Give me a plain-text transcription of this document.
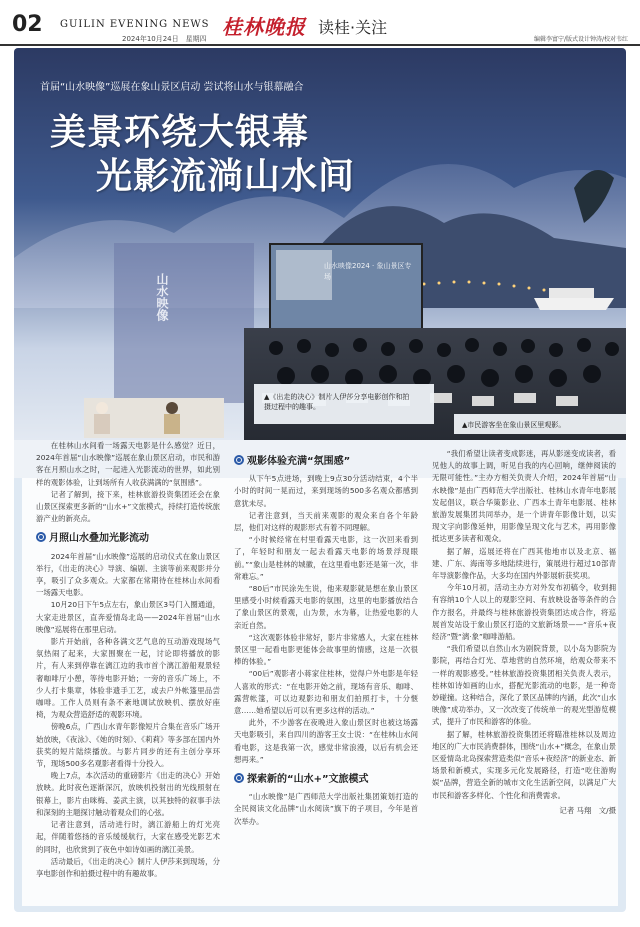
02 GUILIN EVENING NEWS
2024年10月24日　星期四 桂林晚报 读桂·关注
编辑李富宁/版式设计钟涛/校对韦红
首届“山水映像”巡展在象山景区启动 尝试将山水与银幕融合
美景环绕大银幕
光影流淌山水间
山水映像
山水映像2024 · 象山景区专场
▲《出走的决心》制片人伊莎分享电影创作和拍摄过程中的趣事。
▲市民游客坐在象山景区里观影。

在桂林山水间看一场露天电影是什么感觉？近日，2024年首届“山水映像”巡展在象山景区启动，市民和游客在月照山水之时，一起进入光影流动的世界，如此别样的观影体验，让到场所有人收获满满的“氛围感”。

记者了解到，接下来，桂林旅游投资集团还会在象山景区探索更多新的“山水+”文旅模式，持续打造传统旅游产业的新亮点。

月照山水叠加光影流动

2024年首届“山水映像”巡展的启动仪式在象山景区举行，《出走的决心》导演、编剧、主演等前来观影并分享，吸引了众多观众。大家都在常期待在桂林山水间看一场露天电影。

10月20日下午5点左右，象山景区3号门入圈通道，大家走进景区，直奔爱情岛北岛——2024年首届“山水映像”巡展将在那里启动。

影片开始前，各种各满文艺气息的互动游戏现场气氛热闹了起来，大家围聚在一起，讨论即将播放的影片，有人来到停靠在漓江边的我市首个漓江游船观景轻奢咖啡厅小憩，等待电影开始；一旁的音乐广场上，不少人打卡集章，体验非遗手工艺，或去户外帐篷里品尝咖啡。工作人员则有条不紊地调试放映机、摆放好座椅，为观众营造舒适的观影环境。

傍晚6点，广西山水青年影像短片合集在音乐广场开始放映，《夜泳》、《她的时刻》、《莉莉》等多部在国内外获奖的短片陆续播放。与影片同步的还有主创分享环节，现场500多名观影者看得十分投入。

晚上7点，本次活动的重磅影片《出走的决心》开始放映。此时夜色逐渐深沉，放映机投射出的光线照射在银幕上，影片由咪梅、姜武主演，以其独特的叙事手法和深刻的主题探讨触动着观众们的心弦。

记者注意到，活动进行时，漓江游船上的灯光亮起，伴随着悠扬的音乐缓缓航行，大家在感受光影艺术的同时，也欣赏到了夜色中如诗如画的漓江美景。

活动最后，《出走的决心》制片人伊莎来到现场，分享电影创作和拍摄过程中的有趣故事。

观影体验充满“氛围感”

从下午5点进场，到晚上9点30分活动结束，4个半小时的时间一晃而过，来到现场的500多名观众都感到意犹未尽。

记者注意到，当天前来观影的观众来自各个年龄层，他们对这样的观影形式有着不同理解。

“小时候经常在村里看露天电影，这一次回来看到了，年轻时和朋友一起去看露天电影的场景浮现眼前。”“象山是桂林的城徽，在这里看电影还是第一次，非常难忘。”

“80后”市民涂先生说，他来观影就是想在象山景区里感受小时候看露天电影的氛围，这里的电影播放结合了象山景区的景观，山为景，水为幕，让热爱电影的人亲近自然。

“这次观影体验非常好，影片非常感人，大家在桂林景区里一起看电影更能体会故事里的情感，这是一次很棒的体验。”

“00后”观影者小蒋家住桂林，觉得户外电影是年轻人喜欢的形式：“在电影开始之前，现场有音乐、咖啡、露营帐篷，可以边观影边和朋友们拍照打卡，十分惬意……她希望以后可以有更多这样的活动。”

此外，不少游客在夜晚进入象山景区时也被这场露天电影吸引，来自四川的游客王女士说：“在桂林山水间看电影，这是我第一次，感觉非常浪漫，以后有机会还想再来。”

探索新的“山水+”文旅模式

“山水映像”是广西师范大学出版社集团策划打造的全民阅读文化品牌“山水阅读”旗下的子项目，今年是首次举办。

“我们希望让读者变成影迷，再从影迷变成读者，看见他人的故事上调，听见自我的内心回响，继伸阅读的无限可能性。”主办方相关负责人介绍，2024年首届“山水映像”是由广西师范大学出版社、桂林山水青年电影展发起倡议，联合华策影业、广西本土青年电影展、桂林旅游发展集团共同举办，是一个讲青年影像计划，以实现文字向影像延伸，用影像呈现文化与艺术，再用影像抵达更多读者和观众。

据了解，巡展还将在广西其他地市以及北京、福建、广东、海南等多地陆续进行，策展进行超过10部青年导演影像作品，大多均在国内外影展斩获奖项。

今年10月初，活动主办方对外发布初稿令，收到拥有容纳10个人以上的观影空间、有放映设备等条件的合作方报名，并最终与桂林旅游投资集团达成合作，将巡展首发站设于象山景区打造的文旅新场景——“音乐+夜经济”暨“漓·象”咖啡游船。

“我们希望以自然山水为剧院背景，以小岛为影院为影院，再结合灯光、草地营的自然环境，给观众带来不一样的观影感受。”桂林旅游投资集团相关负责人表示，桂林如诗如画的山水，搭配光影流动的电影，是一种奇妙碰撞。这种结合，深化了景区品牌的内涵，此次“山水映像”成功举办，又一次改变了传统单一的观光型游览模式，提升了市民和游客的体验。

据了解，桂林旅游投资集团还将瞄准桂林以及周边地区的广大市民消费群体，围绕“山水+”概念，在象山景区爱情岛北岛探索营造类似“音乐+夜经济”的新业态、新场景和新模式，实现多元化发展路径，打造“吃住游购娱”品牌，营造全新的城市文化生活新空间，以满足广大市民和游客多样化、个性化和消费需求。

记者 马翔　文/摄
